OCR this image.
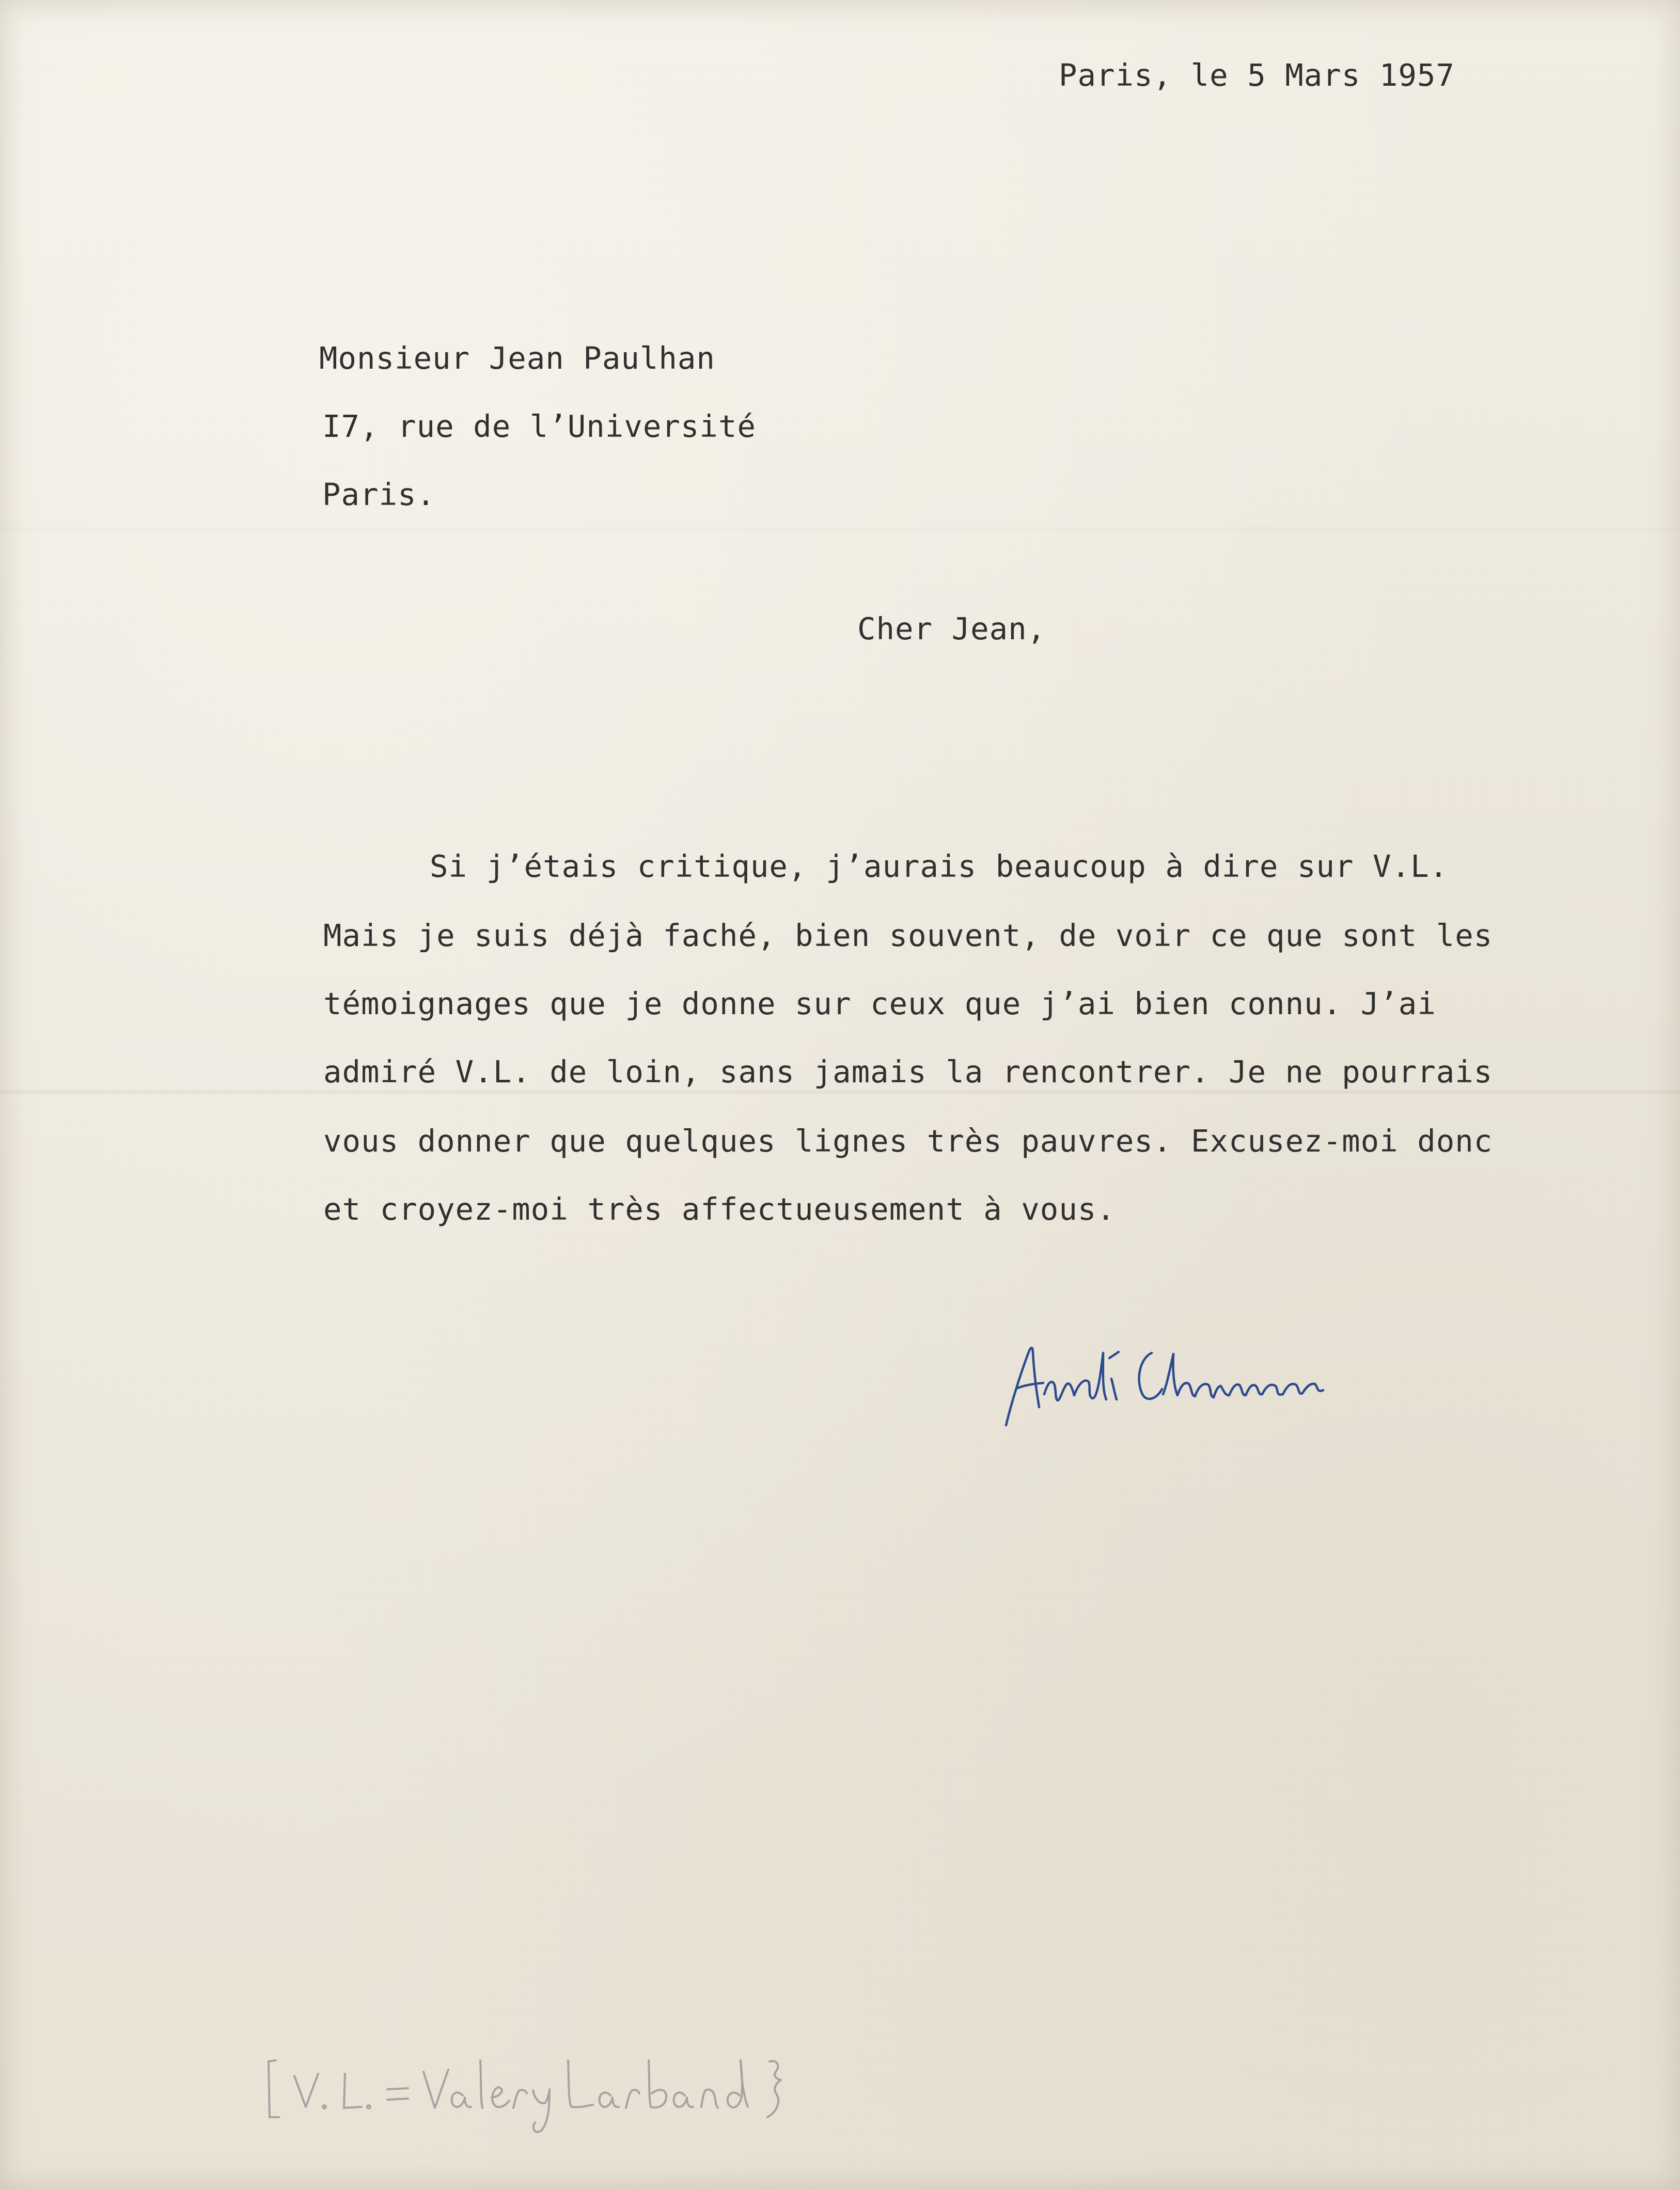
Paris, le 5 Mars 1957
Monsieur Jean Paulhan
I7, rue de l’Université
Paris.
Cher Jean,
Si j’étais critique, j’aurais beaucoup à dire sur V.L.
Mais je suis déjà faché, bien souvent, de voir ce que sont les
témoignages que je donne sur ceux que j’ai bien connu. J’ai
admiré V.L. de loin, sans jamais la rencontrer. Je ne pourrais
vous donner que quelques lignes très pauvres. Excusez-moi donc
et croyez-moi très affectueusement à vous.
